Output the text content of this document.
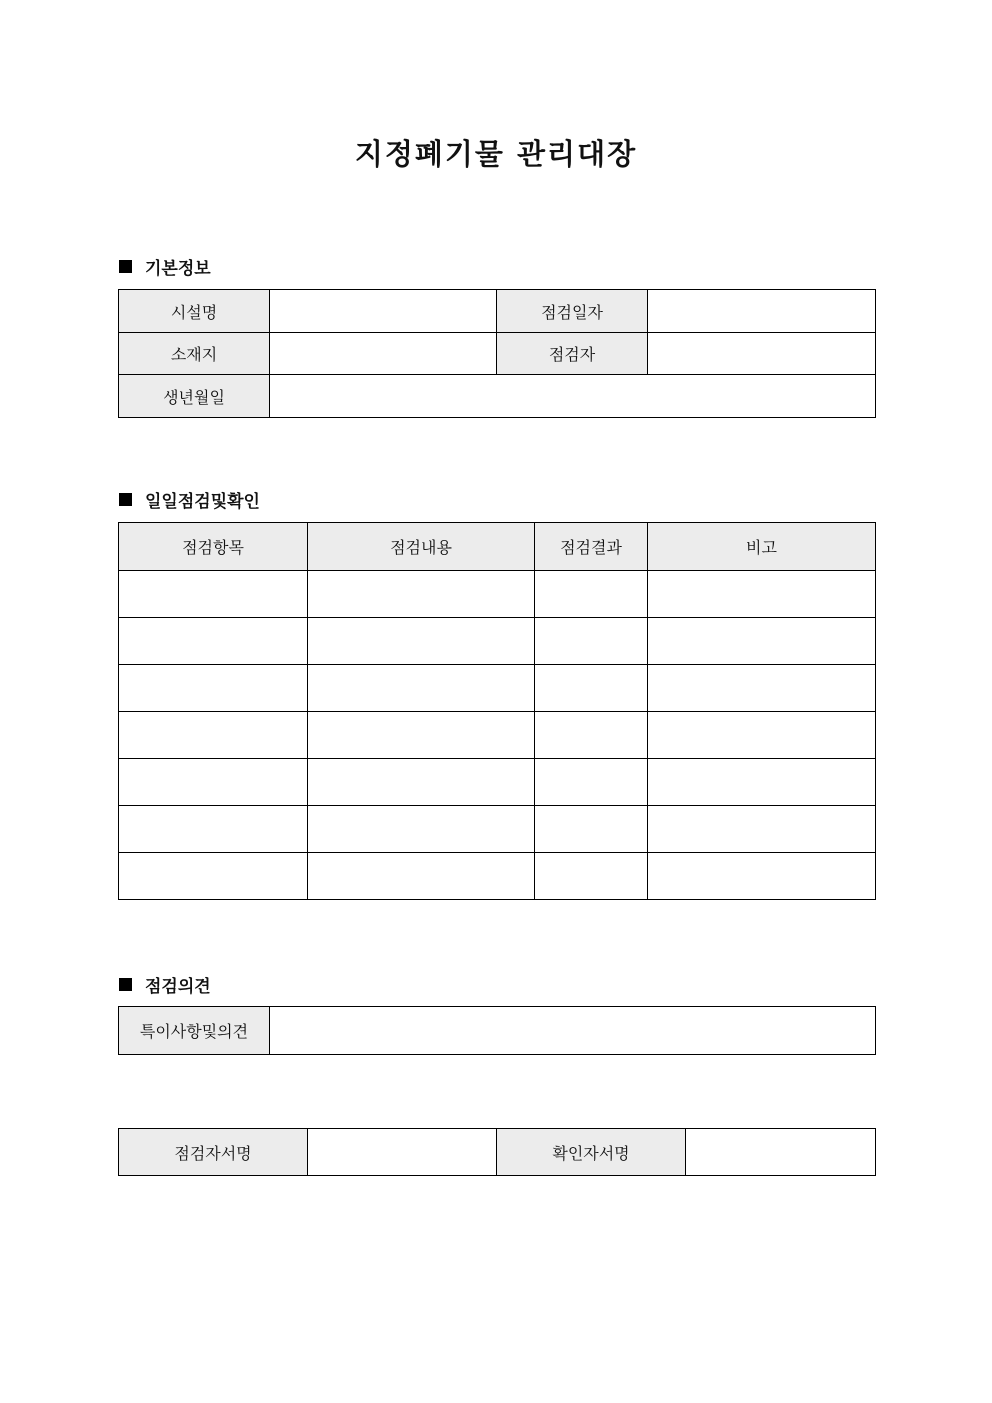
지정폐기물 관리대장
기본정보
시설명		점검일자	
소재지		점검자	
생년월일			
일일점검및확인
점검항목	점검내용	점검결과	비고

점검의견
특이사항및의견	
점검자서명		확인자서명	
